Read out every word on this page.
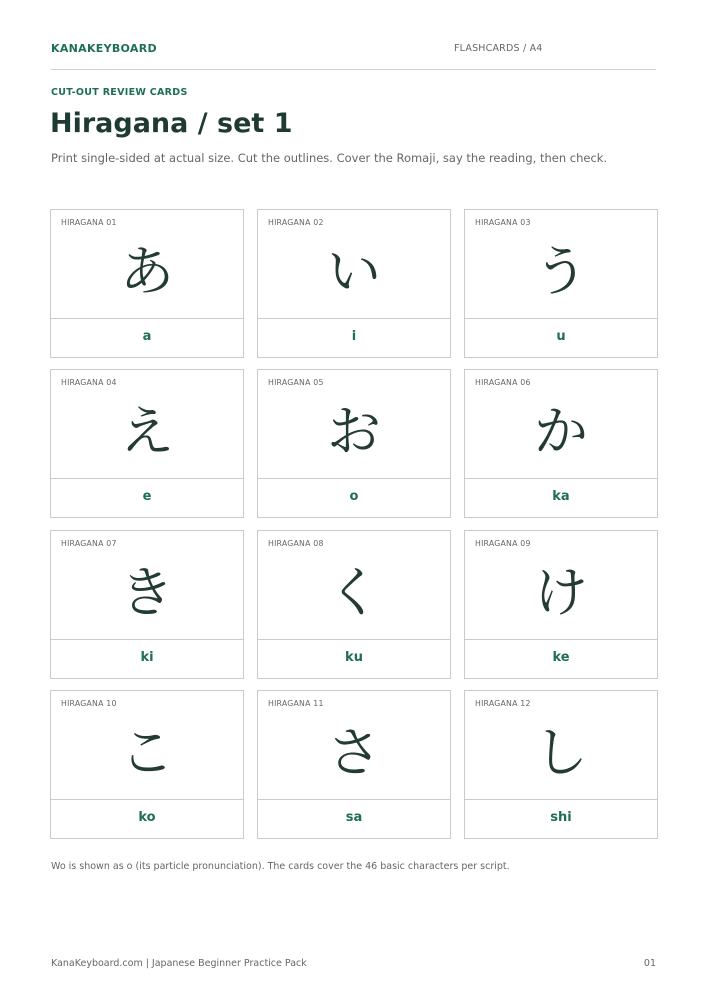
KANAKEYBOARD	FLASHCARDS / A4
CUT-OUT REVIEW CARDS
Hiragana / set 1

Print single-sided at actual size. Cut the outlines. Cover the Romaji, say the reading, then check.

HIRAGANA 01
あ
a
HIRAGANA 02
い
i
HIRAGANA 03
う
u
HIRAGANA 04
え
e
HIRAGANA 05
お
o
HIRAGANA 06
か
ka
HIRAGANA 07
き
ki
HIRAGANA 08
く
ku
HIRAGANA 09
け
ke
HIRAGANA 10
こ
ko
HIRAGANA 11
さ
sa
HIRAGANA 12
し
shi

Wo is shown as o (its particle pronunciation). The cards cover the 46 basic characters per script.

KanaKeyboard.com | Japanese Beginner Practice Pack	01
